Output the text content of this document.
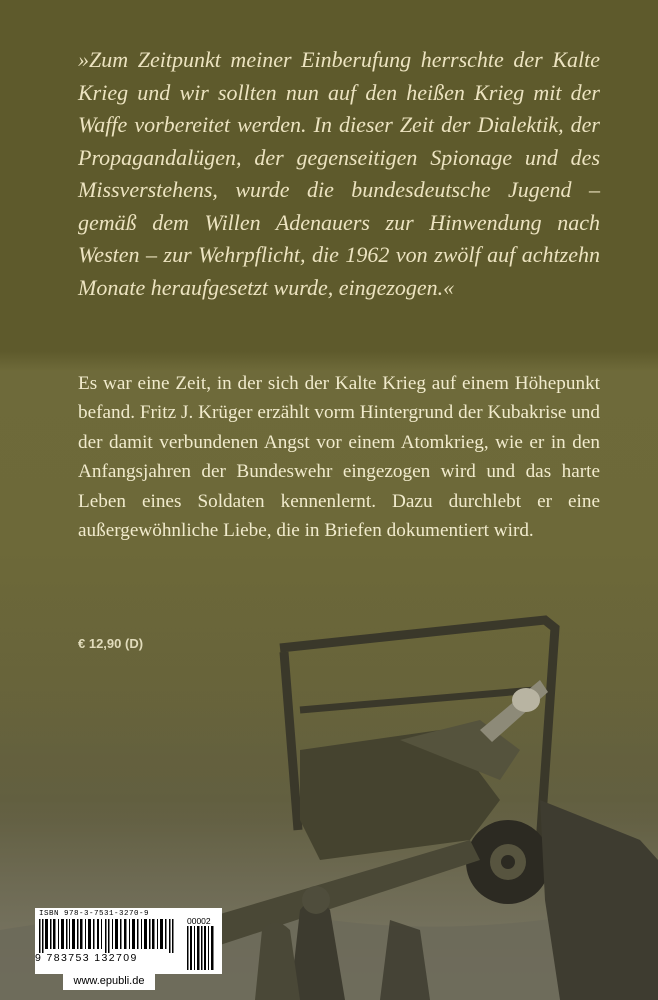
»Zum Zeitpunkt meiner Einberufung herrschte der Kalte Krieg und wir sollten nun auf den heißen Krieg mit der Waffe vorbereitet werden. In dieser Zeit der Dialektik, der Propagandalügen, der gegenseitigen Spionage und des Missverstehens, wurde die bundesdeutsche Jugend – gemäß dem Willen Adenauers zur Hinwendung nach Westen – zur Wehrpflicht, die 1962 von zwölf auf achtzehn Monate heraufgesetzt wurde, eingezogen.«

Es war eine Zeit, in der sich der Kalte Krieg auf einem Höhepunkt befand. Fritz J. Krüger erzählt vorm Hintergrund der Kubakrise und der damit verbundenen Angst vor einem Atomkrieg, wie er in den Anfangsjahren der Bundeswehr eingezogen wird und das harte Leben eines Soldaten kennenlernt. Dazu durchlebt er eine außergewöhnliche Liebe, die in Briefen dokumentiert wird.

ISBN 978-3-7531-3270-9

9 783753 132709

00002

www.epubli.de
